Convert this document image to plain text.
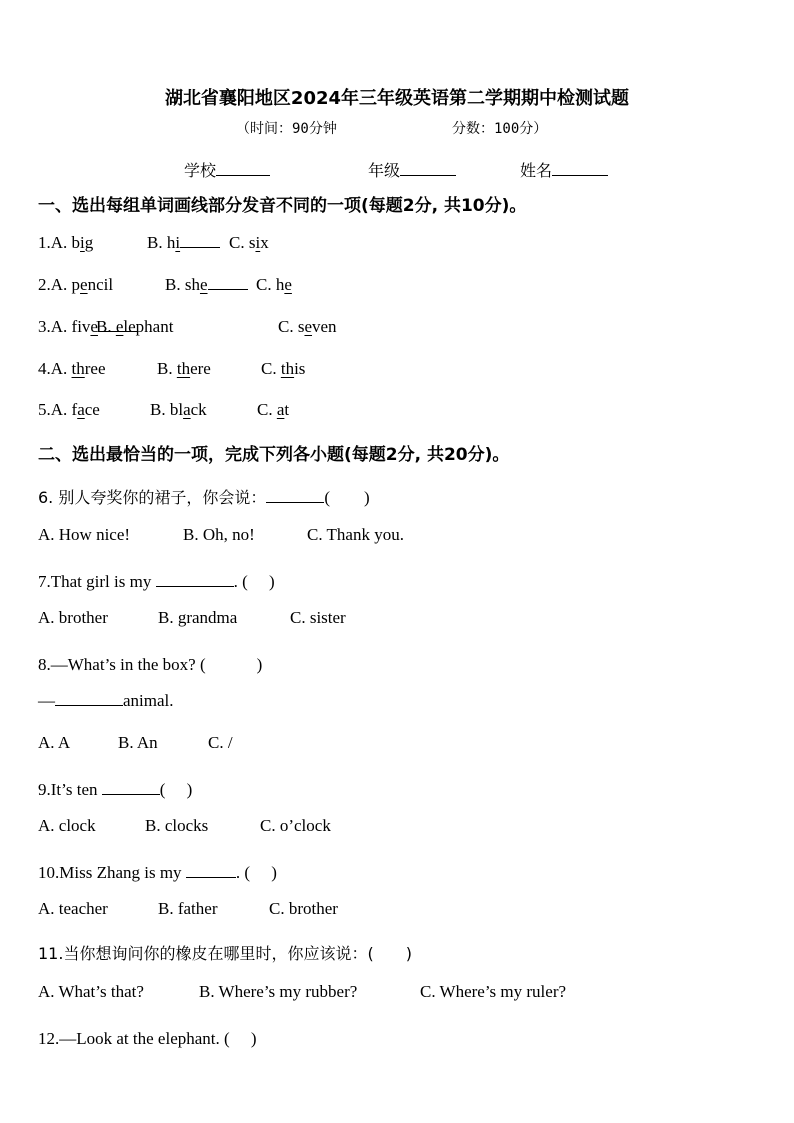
湖北省襄阳地区2024年三年级英语第二学期期中检测试题
（时间：90分钟	分数：100分）
学校	年级	姓名
一、选出每组单词画线部分发音不同的一项(每题2分, 共10分)。
1.A. big	B. hi	C. six
2.A. pencil	B. she	C. he
3.A. five
B. elephant	C. seven
4.A. three	B. there	C. this
5.A. face	B. black	C. at
二、选出最恰当的一项，完成下列各小题(每题2分, 共20分)。
6. 别人夸奖你的裙子，你会说：	(　　)
A. How nice!	B. Oh, no!	C. Thank you.
7.That girl is my	. (　 )
A. brother	B. grandma	C. sister
8.—What’s in the box? (　　　)
—	animal.
A. A	B. An	C. /
9.It’s ten	(　 )
A. clock	B. clocks	C. o’clock
10.Miss Zhang is my	. (　 )
A. teacher	B. father	C. brother
11.当你想询问你的橡皮在哪里时，你应该说：(　　)
A. What’s that?	B. Where’s my rubber?	C. Where’s my ruler?
12.—Look at the elephant. (　 )
